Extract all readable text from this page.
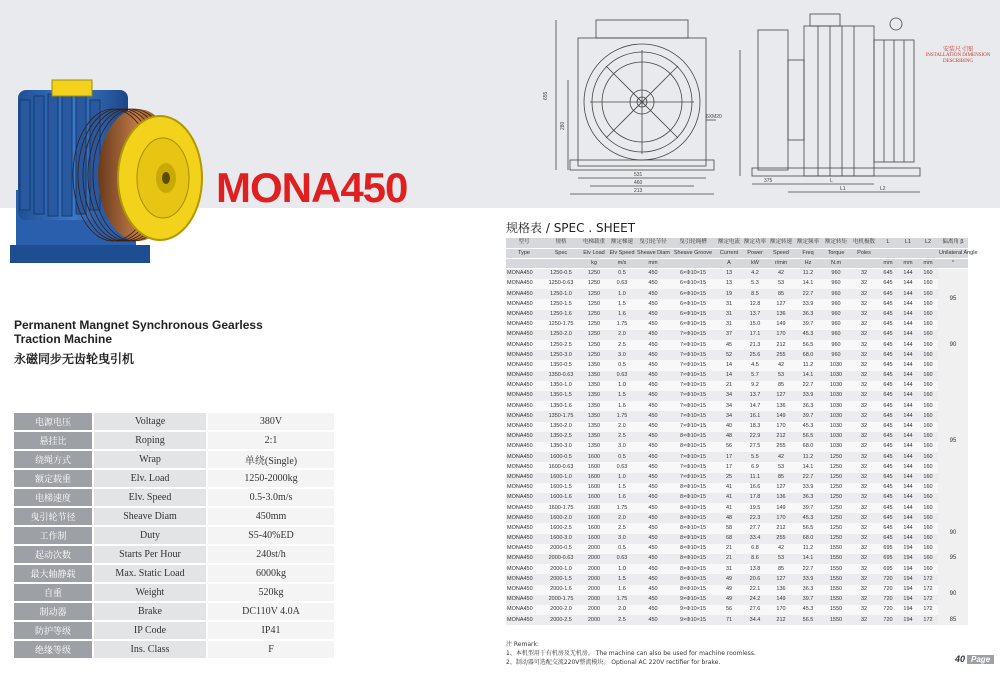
MONA450
655
280
531
460
213
6XM20
375	L
L1	L2
安装尺寸图
INSTALLATION DIMENSION
DESCRIBING
Permanent Mangnet Synchronous Gearless Traction Machine
永磁同步无齿轮曳引机
电源电压		Voltage		380V
悬挂比		Roping		2:1
绕绳方式		Wrap		单绕(Single)
额定载重		Elv. Load		1250-2000kg
电梯速度		Elv. Speed		0.5-3.0m/s
曳引轮节径		Sheave Diam		450mm
工作制		Duty		S5-40%ED
起动次数		Starts Per Hour		240st/h
最大轴静载		Max. Static Load		6000kg
自重		Weight		520kg
制动器		Brake		DC110V 4.0A
防护等级		IP Code		IP41
绝缘等级		Ins. Class		F
规格表 / SPEC . SHEET
型号	规格	电梯载重	额定梯速	曳引轮节径	曳引轮绳槽	额定电流	额定功率	额定转速	额定频率	额定转矩	电机极数	L	L1	L2	偏离角 β
Type	Spec	Elv Load	Elv Speed	Sheave Diam	Sheave Groove	Current	Power	Speed	Freq	Torque	Poles				Unilateral Angle
		kg	m/s	mm		A	kW	r/min	Hz	N.m		mm	mm	mm	°
MONA450	1250-0.5	1250	0.5	450	6×Φ10×15	13	4.2	42	11.2	960	32	645	144	160	95
MONA450	1250-0.63	1250	0.63	450	6×Φ10×15	13	5.3	53	14.1	960	32	645	144	160	
MONA450	1250-1.0	1250	1.0	450	6×Φ10×15	19	8.5	85	22.7	960	32	645	144	160	
MONA450	1250-1.5	1250	1.5	450	6×Φ10×15	31	12.8	127	33.9	960	32	645	144	160	
MONA450	1250-1.6	1250	1.6	450	6×Φ10×15	31	13.7	136	36.3	960	32	645	144	160	
MONA450	1250-1.75	1250	1.75	450	6×Φ10×15	31	15.0	149	39.7	960	32	645	144	160	
MONA450	1250-2.0	1250	2.0	450	7×Φ10×15	37	17.1	170	45.3	960	32	645	144	160	90
MONA450	1250-2.5	1250	2.5	450	7×Φ10×15	45	21.3	212	56.5	960	32	645	144	160	
MONA450	1250-3.0	1250	3.0	450	7×Φ10×15	52	25.6	255	68.0	960	32	645	144	160	
MONA450	1350-0.5	1350	0.5	450	7×Φ10×15	14	4.5	42	11.2	1030	32	645	144	160	95
MONA450	1350-0.63	1350	0.63	450	7×Φ10×15	14	5.7	53	14.1	1030	32	645	144	160	
MONA450	1350-1.0	1350	1.0	450	7×Φ10×15	21	9.2	85	22.7	1030	32	645	144	160	
MONA450	1350-1.5	1350	1.5	450	7×Φ10×15	34	13.7	127	33.9	1030	32	645	144	160	
MONA450	1350-1.6	1350	1.6	450	7×Φ10×15	34	14.7	136	36.3	1030	32	645	144	160	
MONA450	1350-1.75	1350	1.75	450	7×Φ10×15	34	16.1	149	39.7	1030	32	645	144	160	
MONA450	1350-2.0	1350	2.0	450	7×Φ10×15	40	18.3	170	45.3	1030	32	645	144	160	
MONA450	1350-2.5	1350	2.5	450	8×Φ10×15	48	22.9	212	56.5	1030	32	645	144	160	
MONA450	1350-3.0	1350	3.0	450	8×Φ10×15	56	27.5	255	68.0	1030	32	645	144	160	
MONA450	1600-0.5	1600	0.5	450	7×Φ10×15	17	5.5	42	11.2	1250	32	645	144	160	
MONA450	1600-0.63	1600	0.63	450	7×Φ10×15	17	6.9	53	14.1	1250	32	645	144	160	
MONA450	1600-1.0	1600	1.0	450	7×Φ10×15	25	11.1	85	22.7	1250	32	645	144	160	
MONA450	1600-1.5	1600	1.5	450	8×Φ10×15	41	16.6	127	33.9	1250	32	645	144	160	
MONA450	1600-1.6	1600	1.6	450	8×Φ10×15	41	17.8	136	36.3	1250	32	645	144	160	
MONA450	1600-1.75	1600	1.75	450	8×Φ10×15	41	19.5	149	39.7	1250	32	645	144	160	
MONA450	1600-2.0	1600	2.0	450	8×Φ10×15	48	22.3	170	45.3	1250	32	645	144	160	
MONA450	1600-2.5	1600	2.5	450	8×Φ10×15	58	27.7	212	56.5	1250	32	645	144	160	90
MONA450	1600-3.0	1600	3.0	450	8×Φ10×15	68	33.4	255	68.0	1250	32	645	144	160	
MONA450	2000-0.5	2000	0.5	450	8×Φ10×15	21	6.8	42	11.2	1550	32	695	194	160	95
MONA450	2000-0.63	2000	0.63	450	8×Φ10×15	21	8.6	53	14.1	1550	32	695	194	160	
MONA450	2000-1.0	2000	1.0	450	8×Φ10×15	31	13.8	85	22.7	1550	32	695	194	160	
MONA450	2000-1.5	2000	1.5	450	8×Φ10×15	49	20.6	127	33.9	1550	32	720	194	172	90
MONA450	2000-1.6	2000	1.6	450	8×Φ10×15	49	22.1	136	36.3	1550	32	720	194	172	
MONA450	2000-1.75	2000	1.75	450	9×Φ10×15	49	24.2	149	39.7	1550	32	720	194	172	
MONA450	2000-2.0	2000	2.0	450	9×Φ10×15	56	27.6	170	45.3	1550	32	720	194	172	
MONA450	2000-2.5	2000	2.5	450	9×Φ10×15	71	34.4	212	56.5	1550	32	720	194	172	85
注 Remark:
1、本机型用于有机房及无机房。 The machine can also be used for machine roomless.
2、制动器可选配交流220V整流模块。 Optional AC 220V rectifier for brake.	40 Page
